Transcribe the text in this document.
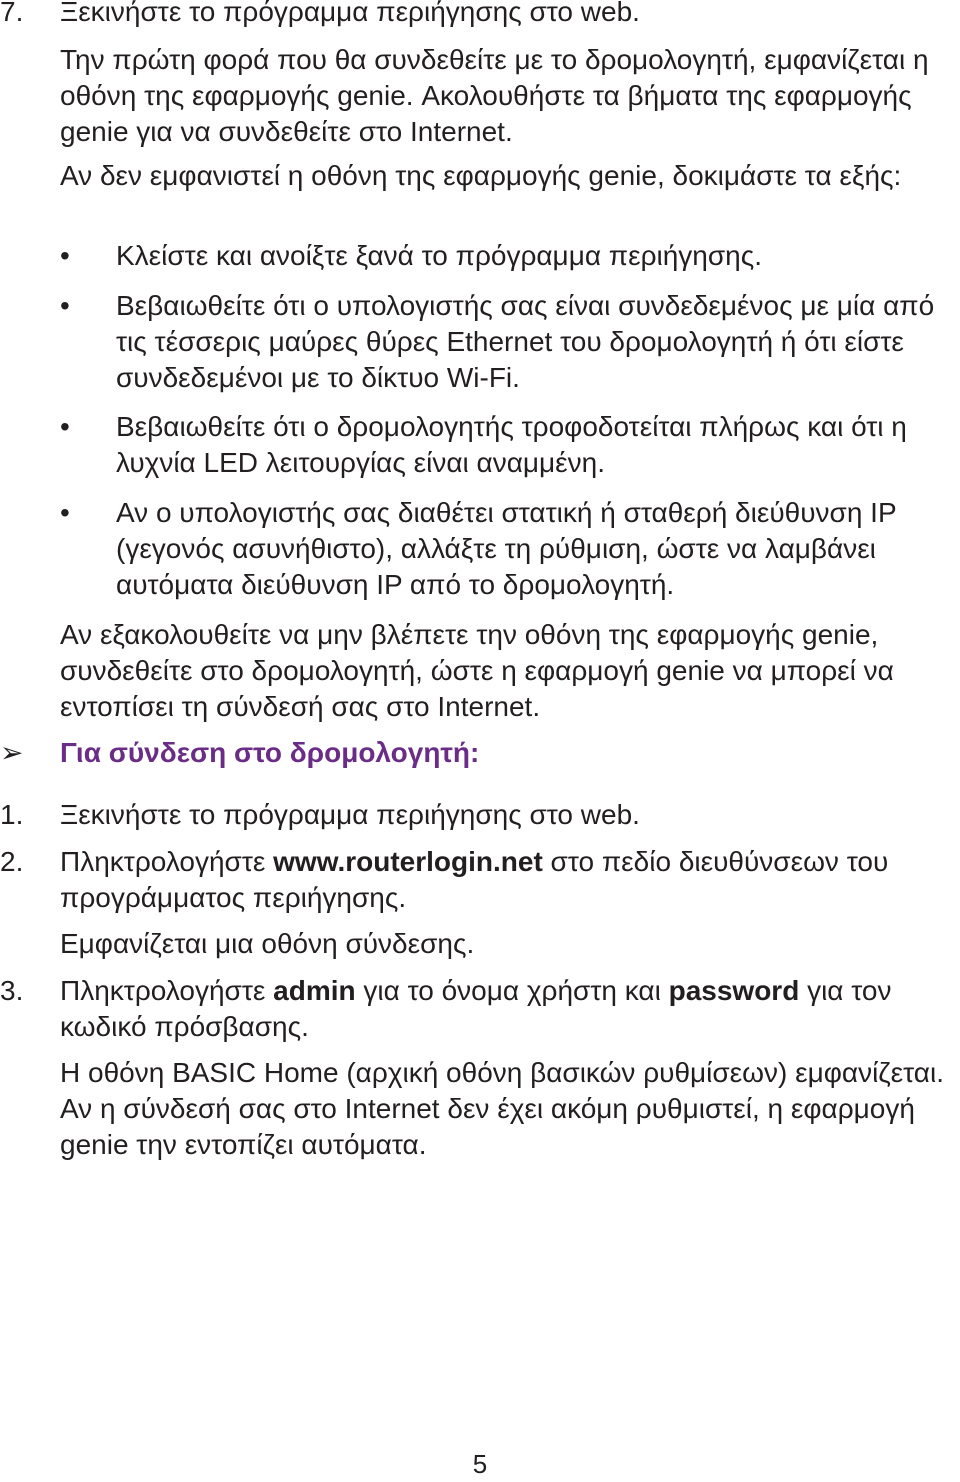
7.	Ξεκινήστε το πρόγραμμα περιήγησης στο web.

Την πρώτη φορά που θα συνδεθείτε με το δρομολογητή, εμφανίζεται η οθόνη της εφαρμογής genie. Ακολουθήστε τα βήματα της εφαρμογής genie για να συνδεθείτε στο Internet.

Αν δεν εμφανιστεί η οθόνη της εφαρμογής genie, δοκιμάστε τα εξής:

•	Κλείστε και ανοίξτε ξανά το πρόγραμμα περιήγησης.
•	Βεβαιωθείτε ότι ο υπολογιστής σας είναι συνδεδεμένος με μία από τις τέσσερις μαύρες θύρες Ethernet του δρομολογητή ή ότι είστε συνδεδεμένοι με το δίκτυο Wi-Fi.
•	Βεβαιωθείτε ότι ο δρομολογητής τροφοδοτείται πλήρως και ότι η λυχνία LED λειτουργίας είναι αναμμένη.
•	Αν ο υπολογιστής σας διαθέτει στατική ή σταθερή διεύθυνση IP (γεγονός ασυνήθιστο), αλλάξτε τη ρύθμιση, ώστε να λαμβάνει αυτόματα διεύθυνση IP από το δρομολογητή.

Αν εξακολουθείτε να μην βλέπετε την οθόνη της εφαρμογής genie, συνδεθείτε στο δρομολογητή, ώστε η εφαρμογή genie να μπορεί να εντοπίσει τη σύνδεσή σας στο Internet.

➢	Για σύνδεση στο δρομολογητή:
1.	Ξεκινήστε το πρόγραμμα περιήγησης στο web.
2.	Πληκτρολογήστε www.routerlogin.net στο πεδίο διευθύνσεων του προγράμματος περιήγησης.

Εμφανίζεται μια οθόνη σύνδεσης.

3.	Πληκτρολογήστε admin για το όνομα χρήστη και password για τον κωδικό πρόσβασης.

Η οθόνη BASIC Home (αρχική οθόνη βασικών ρυθμίσεων) εμφανίζεται. Αν η σύνδεσή σας στο Internet δεν έχει ακόμη ρυθμιστεί, η εφαρμογή genie την εντοπίζει αυτόματα.

5
